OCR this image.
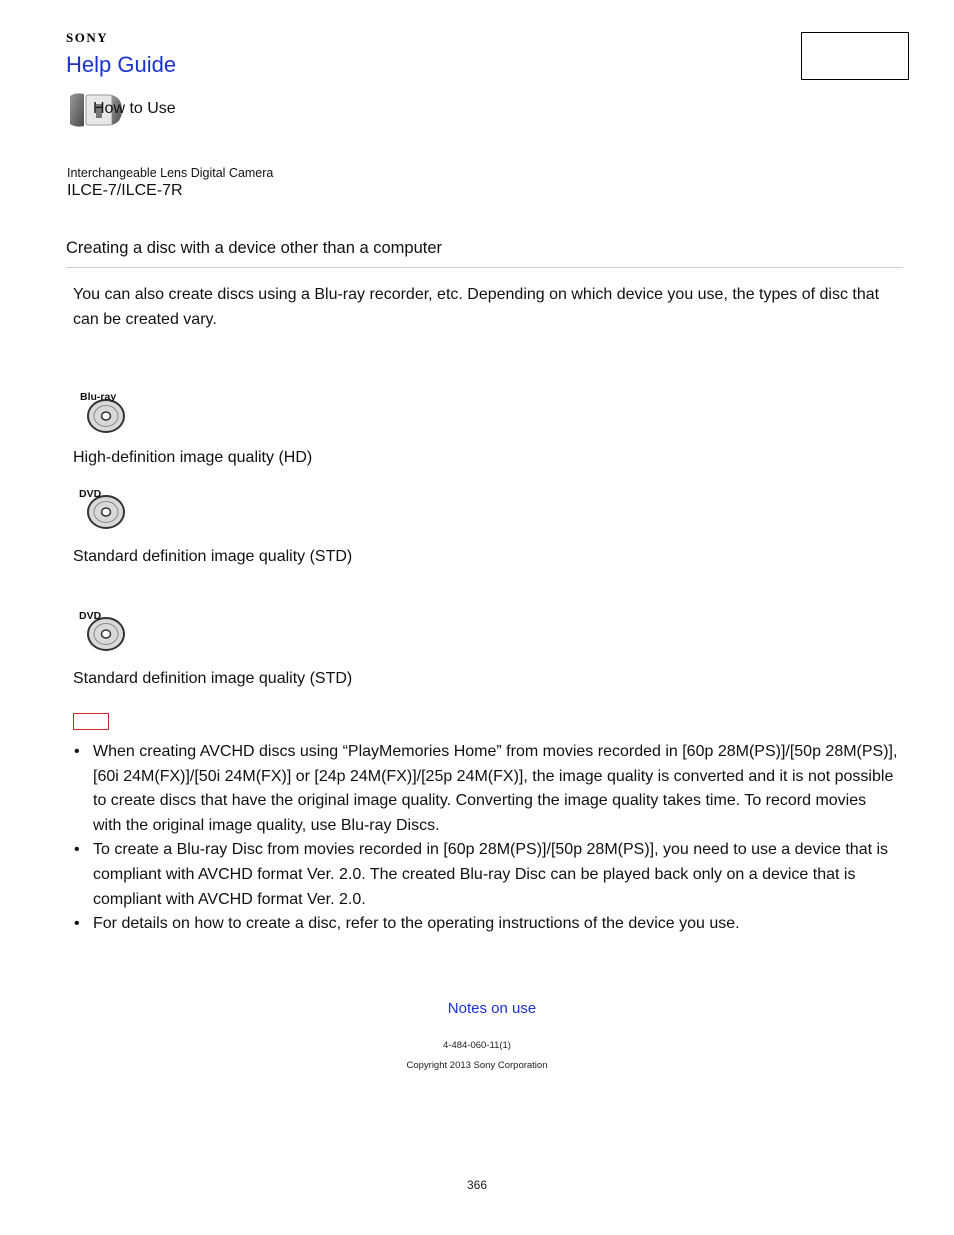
SONY
Help Guide
How to Use
Interchangeable Lens Digital Camera
ILCE-7/ILCE-7R
Creating a disc with a device other than a computer
You can also create discs using a Blu-ray recorder, etc. Depending on which device you use, the types of disc that can be created vary.
Blu-ray
High-definition image quality (HD)
DVD
Standard definition image quality (STD)
DVD
Standard definition image quality (STD)
• When creating AVCHD discs using “PlayMemories Home” from movies recorded in [60p 28M(PS)]/[50p 28M(PS)], [60i 24M(FX)]/[50i 24M(FX)] or [24p 24M(FX)]/[25p 24M(FX)], the image quality is converted and it is not possible to create discs that have the original image quality. Converting the image quality takes time. To record movies with the original image quality, use Blu-ray Discs.
• To create a Blu-ray Disc from movies recorded in [60p 28M(PS)]/[50p 28M(PS)], you need to use a device that is compliant with AVCHD format Ver. 2.0. The created Blu-ray Disc can be played back only on a device that is compliant with AVCHD format Ver. 2.0.
• For details on how to create a disc, refer to the operating instructions of the device you use.
Notes on use
4-484-060-11(1)
Copyright 2013 Sony Corporation
366
